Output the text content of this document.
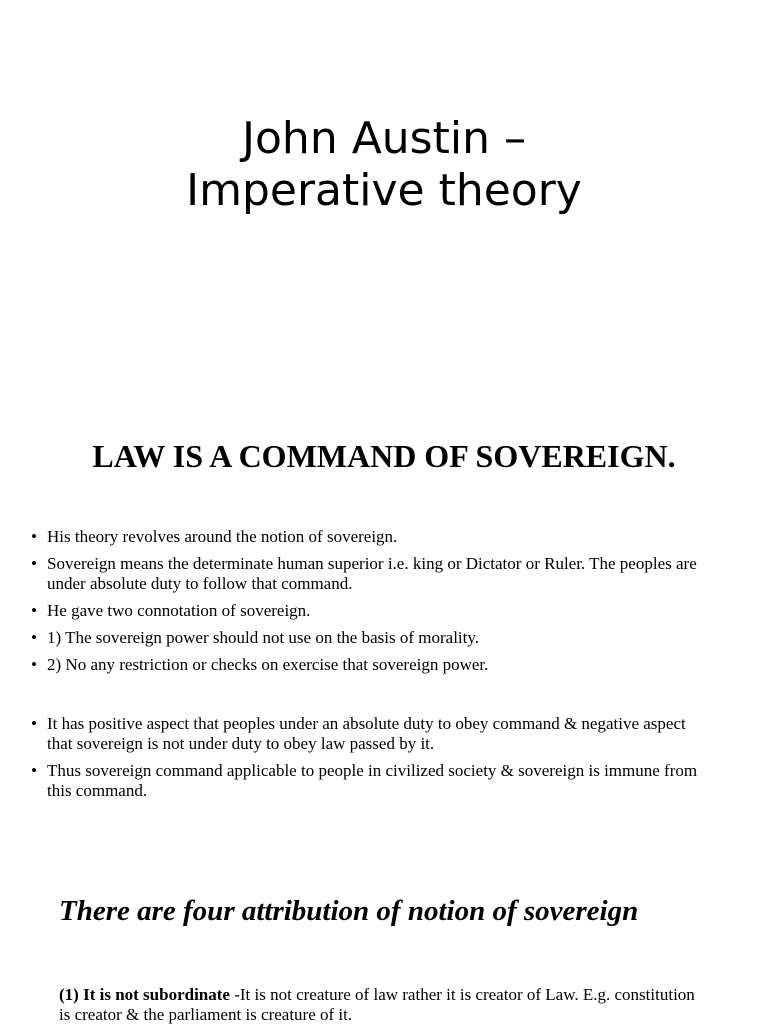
John Austin –
Imperative theory
LAW IS A COMMAND OF SOVEREIGN.
• His theory revolves around the notion of sovereign.
• Sovereign means the determinate human superior i.e. king or Dictator or Ruler. The peoples are under absolute duty to follow that command.
• He gave two connotation of sovereign.
• 1) The sovereign power should not use on the basis of morality.
• 2) No any restriction or checks on exercise that sovereign power.
• It has positive aspect that peoples under an absolute duty to obey command & negative aspect that sovereign is not under duty to obey law passed by it.
• Thus sovereign command applicable to people in civilized society & sovereign is immune from this command.
There are four attribution of notion of sovereign

(1) It is not subordinate -It is not creature of law rather it is creator of Law. E.g. constitution is creator & the parliament is creature of it.
